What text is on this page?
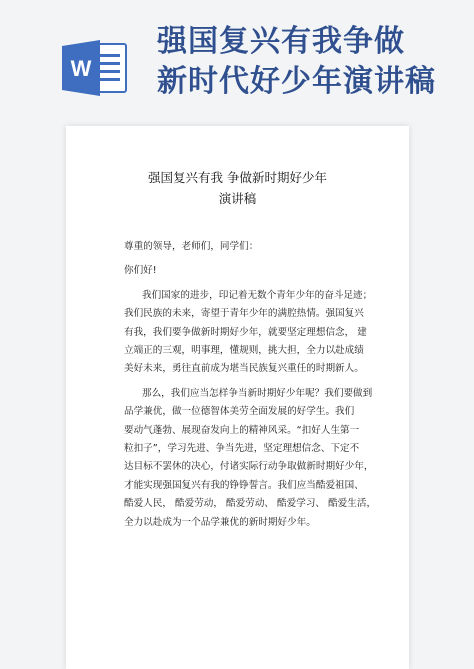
W
强国复兴有我争做
新时代好少年演讲稿
强国复兴有我 争做新时期好少年
演讲稿

尊重的领导，老师们，同学们：

你们好!

我们国家的进步，印记着无数个青年少年的奋斗足迹；

我们民族的未来，寄望于青年少年的满腔热情。强国复兴

有我，我们要争做新时期好少年，就要坚定理想信念， 建

立端正的三观，明事理，懂规则，挑大担，全力以赴成绩

美好未来，勇往直前成为堪当民族复兴重任的时期新人。

那么，我们应当怎样争当新时期好少年呢？我们要做到

品学兼优，做一位德智体美劳全面发展的好学生。我们

要动气蓬勃、展现奋发向上的精神风采。“扣好人生第一

粒扣子”，学习先进、争当先进，坚定理想信念、下定不

达目标不罢休的决心，付诸实际行动争取做新时期好少年，

才能实现强国复兴有我的铮铮誓言。我们应当酷爱祖国、

酷爱人民， 酷爱劳动， 酷爱劳动、 酷爱学习、 酷爱生活，

全力以赴成为一个品学兼优的新时期好少年。
